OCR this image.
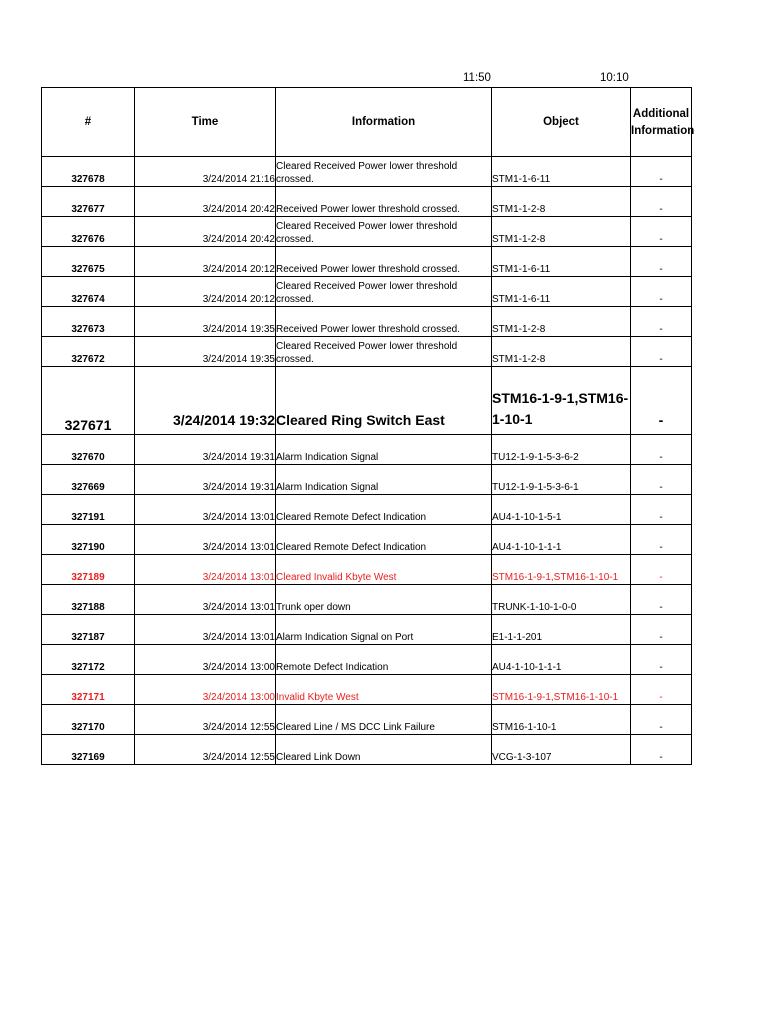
11:50	10:10
#	Time	Information	Object	Additional Information
327678	3/24/2014 21:16	Cleared Received Power lower threshold crossed.	STM1-1-6-11	-
327677	3/24/2014 20:42	Received Power lower threshold crossed.	STM1-1-2-8	-
327676	3/24/2014 20:42	Cleared Received Power lower threshold crossed.	STM1-1-2-8	-
327675	3/24/2014 20:12	Received Power lower threshold crossed.	STM1-1-6-11	-
327674	3/24/2014 20:12	Cleared Received Power lower threshold crossed.	STM1-1-6-11	-
327673	3/24/2014 19:35	Received Power lower threshold crossed.	STM1-1-2-8	-
327672	3/24/2014 19:35	Cleared Received Power lower threshold crossed.	STM1-1-2-8	-
327671	3/24/2014 19:32	Cleared Ring Switch East	STM16-1-9-1,STM16-1-10-1	-
327670	3/24/2014 19:31	Alarm Indication Signal	TU12-1-9-1-5-3-6-2	-
327669	3/24/2014 19:31	Alarm Indication Signal	TU12-1-9-1-5-3-6-1	-
327191	3/24/2014 13:01	Cleared Remote Defect Indication	AU4-1-10-1-5-1	-
327190	3/24/2014 13:01	Cleared Remote Defect Indication	AU4-1-10-1-1-1	-
327189	3/24/2014 13:01	Cleared Invalid Kbyte West	STM16-1-9-1,STM16-1-10-1	-
327188	3/24/2014 13:01	Trunk oper down	TRUNK-1-10-1-0-0	-
327187	3/24/2014 13:01	Alarm Indication Signal on Port	E1-1-1-201	-
327172	3/24/2014 13:00	Remote Defect Indication	AU4-1-10-1-1-1	-
327171	3/24/2014 13:00	Invalid Kbyte West	STM16-1-9-1,STM16-1-10-1	-
327170	3/24/2014 12:55	Cleared Line / MS DCC Link Failure	STM16-1-10-1	-
327169	3/24/2014 12:55	Cleared Link Down	VCG-1-3-107	-
